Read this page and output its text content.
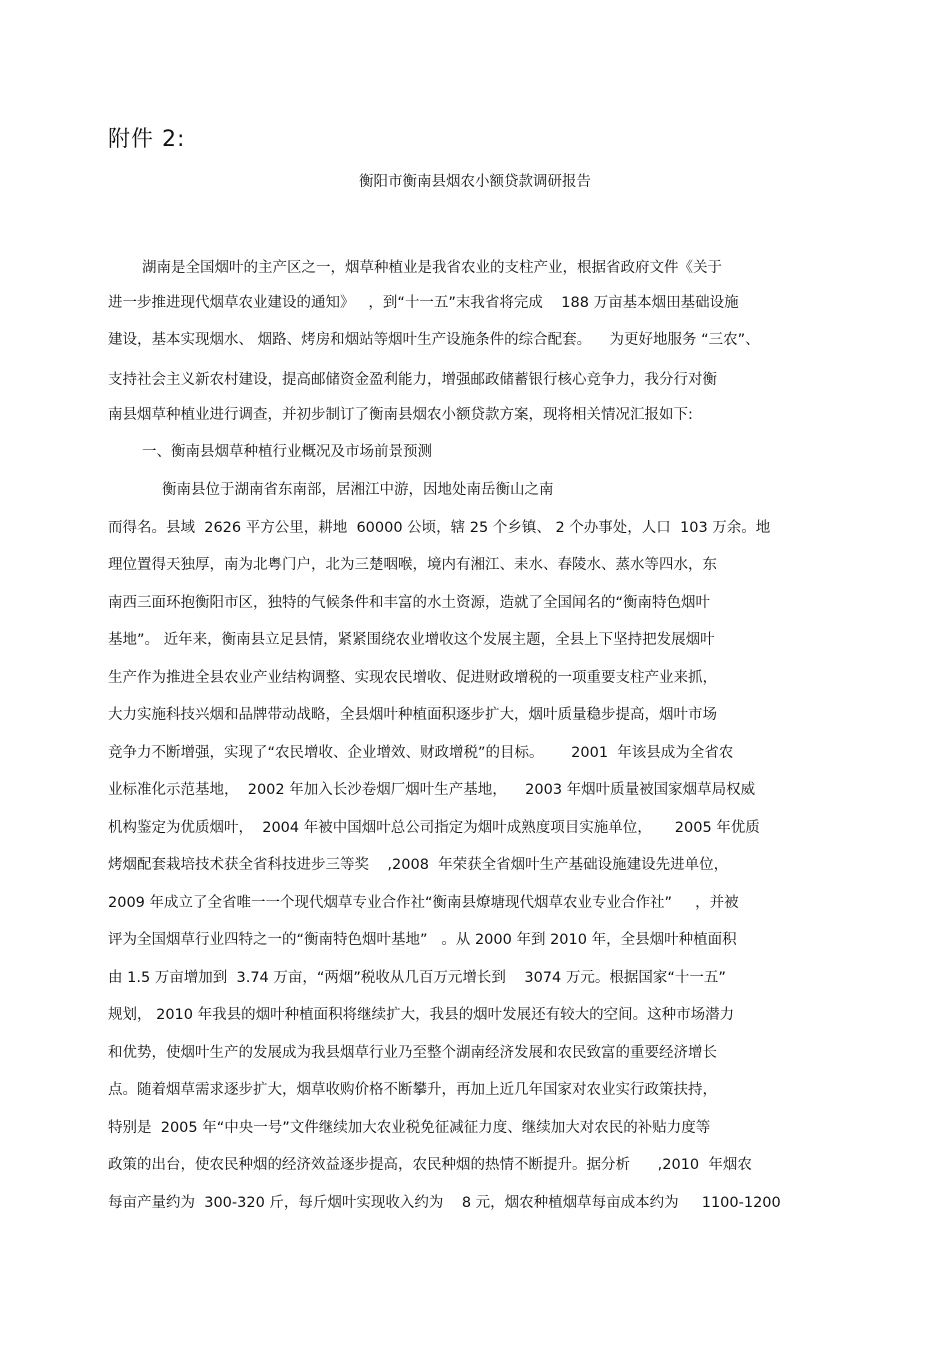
附件 2:
衡阳市衡南县烟农小额贷款调研报告
湖南是全国烟叶的主产区之一，烟草种植业是我省农业的支柱产业，根据省政府文件《关于
进一步推进现代烟草农业建设的通知》   ，到“十一五”末我省将完成    188 万亩基本烟田基础设施
建设，基本实现烟水、 烟路、烤房和烟站等烟叶生产设施条件的综合配套。    为更好地服务 “三农”、
支持社会主义新农村建设，提高邮储资金盈利能力，增强邮政储蓄银行核心竞争力，我分行对衡
南县烟草种植业进行调查，并初步制订了衡南县烟农小额贷款方案，现将相关情况汇报如下:
一、衡南县烟草种植行业概况及市场前景预测
衡南县位于湖南省东南部，居湘江中游，因地处南岳衡山之南
而得名。县域  2626 平方公里，耕地  60000 公顷，辖 25 个乡镇、 2 个办事处，人口  103 万余。地
理位置得天独厚，南为北粤门户，北为三楚咽喉，境内有湘江、耒水、春陵水、蒸水等四水，东
南西三面环抱衡阳市区，独特的气候条件和丰富的水土资源，造就了全国闻名的“衡南特色烟叶
基地”。 近年来，衡南县立足县情，紧紧围绕农业增收这个发展主题，全县上下坚持把发展烟叶
生产作为推进全县农业产业结构调整、实现农民增收、促进财政增税的一项重要支柱产业来抓，
大力实施科技兴烟和品牌带动战略，全县烟叶种植面积逐步扩大，烟叶质量稳步提高，烟叶市场
竞争力不断增强，实现了“农民增收、企业增效、财政增税”的目标。      2001  年该县成为全省农
业标准化示范基地，  2002 年加入长沙卷烟厂烟叶生产基地，    2003 年烟叶质量被国家烟草局权威
机构鉴定为优质烟叶，  2004 年被中国烟叶总公司指定为烟叶成熟度项目实施单位，     2005 年优质
烤烟配套栽培技术获全省科技进步三等奖    ,2008  年荣获全省烟叶生产基础设施建设先进单位，
2009 年成立了全省唯一一个现代烟草专业合作社“衡南县燎塘现代烟草农业专业合作社”     ，并被
评为全国烟草行业四特之一的“衡南特色烟叶基地”   。从 2000 年到 2010 年，全县烟叶种植面积
由 1.5 万亩增加到  3.74 万亩，“两烟”税收从几百万元增长到    3074 万元。根据国家“十一五”
规划， 2010 年我县的烟叶种植面积将继续扩大，我县的烟叶发展还有较大的空间。这种市场潜力
和优势，使烟叶生产的发展成为我县烟草行业乃至整个湖南经济发展和农民致富的重要经济增长
点。随着烟草需求逐步扩大，烟草收购价格不断攀升，再加上近几年国家对农业实行政策扶持，
特别是  2005 年“中央一号”文件继续加大农业税免征减征力度、继续加大对农民的补贴力度等
政策的出台，使农民种烟的经济效益逐步提高，农民种烟的热情不断提升。据分析      ,2010  年烟农
每亩产量约为  300-320 斤，每斤烟叶实现收入约为    8 元，烟农种植烟草每亩成本约为     1100-1200
